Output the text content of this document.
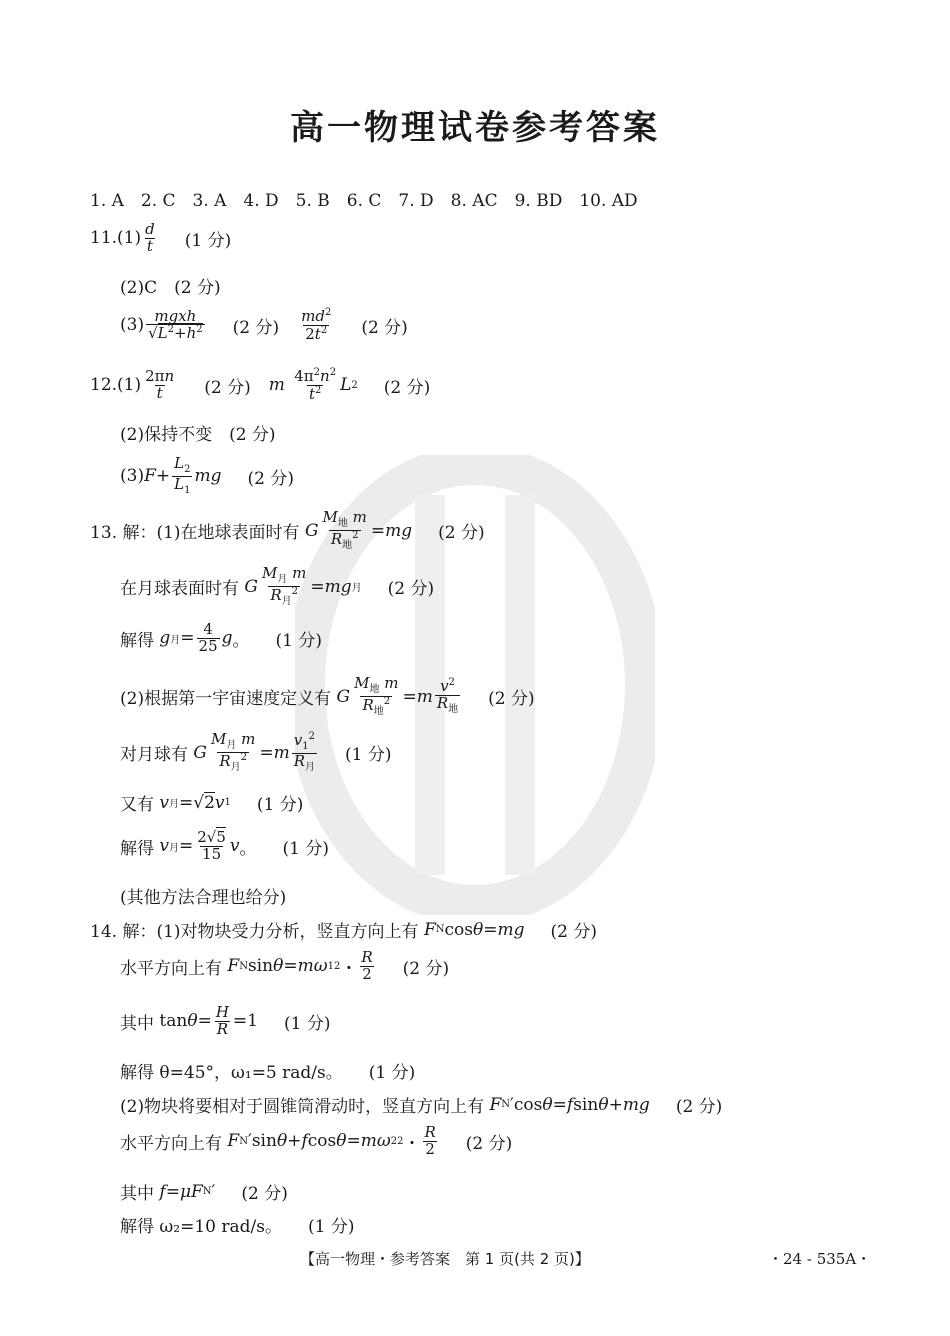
高一物理试卷参考答案
1. A　2. C　3. A　4. D　5. B　6. C　7. D　8. AC　9. BD　10. AD
11. $(1) \frac{d}{t} (1$ 分)
(2)C　(2 分)
$(3) \frac{\text{mgxh}}{√L^2+h^2} (2$ 分) $\frac{md^2}{2t^2} (2$ 分)
12. $(1) \frac{2\pi n}{t} (2$ 分) m
$\frac{4\pi^2n^2}{t^2}$ L 2 (2 分)
(2)保持不变　(2 分)
(3) $F + \frac{L_2}{L_1}$ mg (2 分)
13. 解：(1)在地球表面时有
G $\frac{M_地 m}{R_地^2}$ = mg (2 分)
在月球表面时有
G $\frac{M_月 m}{R_月^2}$ = mg 月 (2 分)
解得
g 月 = $\frac{4}{25}$ g 。 (1 分)
(2)根据第一宇宙速度定义有
G $\frac{M_地 m}{R_地^2} = m \frac{v^2}{R_地} (2$ 分)
对月球有
G $\frac{M_月 m}{R_月^2} = m \frac{v_1^2}{R_月} (1$ 分)
又有
v 月 =√ 2 v 1 (1 分)
解得
v 月 = $\frac{2√5}{15}$ v 。 (1 分)
(其他方法合理也给分)
14. 解：(1)对物块受力分析，竖直方向上有
F N cos θ = mg (2 分)
水平方向上有
F N sin θ = mω 1 2 ・ $\frac{R}{2} (2$ 分)
其中 $\tan \theta = \frac{H}{R} =1$ (1 分)
解得 θ=45°，ω₁=5 rad/s。 (1 分)
(2)物块将要相对于圆锥筒滑动时，竖直方向上有
F N ′cos θ = f sin θ + mg (2 分)
水平方向上有
F N ′sin θ + f cos θ = mω 2 2 ・ $\frac{R}{2} (2$ 分)
其中
f = μF N ′ (2 分)
解得 ω₂=10 rad/s。 (1 分)
【高一物理・参考答案　第 1 页(共 2 页)】	・24 - 535A・
